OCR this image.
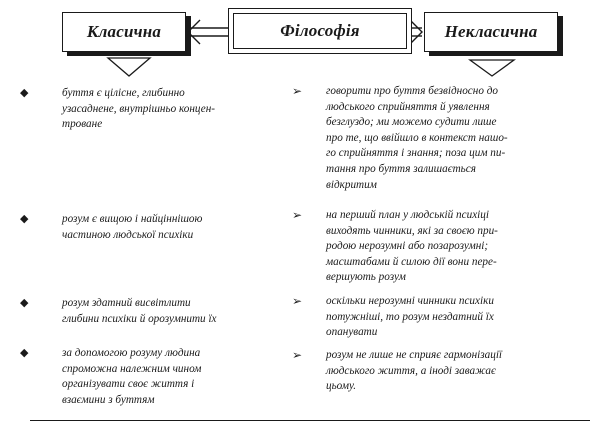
Класична	Філософія	Некласична
◆	буття є цілісне, глибинно
узасаднене, внутрішньо концен-
троване
◆	розум є вищою і найціннішою
частиною людської психіки
◆	розум здатний висвітлити
глибини психіки й орозумнити їх
◆	за допомогою розуму людина
спроможна належним чином
організувати своє життя і
взаємини з буттям
➢	говорити про буття безвідносно до
людського сприйняття й уявлення
безглуздо; ми можемо судити лише
про те, що ввійшло в контекст нашо-
го сприйняття і знання; поза цим пи-
тання про буття залишається
відкритим
➢	на перший план у людській психіці
виходять чинники, які за своєю при-
родою нерозумні або позарозумні;
масштабами й силою дії вони пере-
вершують розум
➢	оскільки нерозумні чинники психіки
потужніші, то розум нездатний їх
опанувати
➢	розум не лише не сприяє гармонізації
людського життя, а іноді заважає
цьому.
